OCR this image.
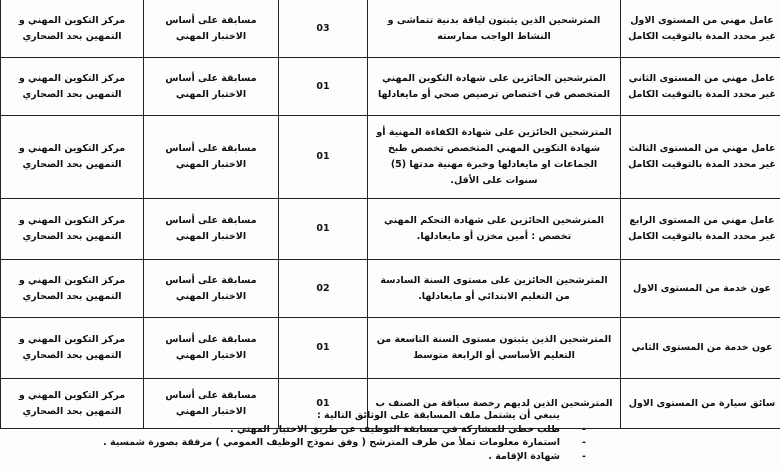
مركز التكوين المهني و التمهين بحد الصحاري	مسابقة على أساس الاختبار المهني	03	المترشحين الذين يثبتون لياقة بدنية تتماشى و النشاط الواجب ممارسته	عامل مهني من المستوى الاول غير محدد المدة بالتوقيت الكامل

مركز التكوين المهني و التمهين بحد الصحاري	مسابقة على أساس الاختبار المهني	01	المترشحين الحائزين على شهادة التكوين المهني المتخصص في اختصاص ترصيص صحي أو مايعادلها	عامل مهني من المستوى الثاني غير محدد المدة بالتوقيت الكامل

مركز التكوين المهني و التمهين بحد الصحاري	مسابقة على أساس الاختبار المهني	01	المترشحين الحائزين على شهادة الكفاءة المهنية أو شهادة التكوين المهني المتخصص تخصص طبخ الجماعات او مايعادلها وخبرة مهنية مدتها (5) سنوات على الأقل.	عامل مهني من المستوى الثالث غير محدد المدة بالتوقيت الكامل

مركز التكوين المهني و التمهين بحد الصحاري	مسابقة على أساس الاختبار المهني	01	المترشحين الحائزين على شهادة التحكم المهني تخصص : أمين مخزن أو مايعادلها.	عامل مهني من المستوى الرابع غير محدد المدة بالتوقيت الكامل

مركز التكوين المهني و التمهين بحد الصحاري	مسابقة على أساس الاختبار المهني	02	المترشحين الحائزين على مستوى السنة السادسة من التعليم الابتدائي أو مايعادلها.	عون خدمة من المستوى الاول

مركز التكوين المهني و التمهين بحد الصحاري	مسابقة على أساس الاختبار المهني	01	المترشحين الذين يثبتون مستوى السنة التاسعة من التعليم الأساسي أو الرابعة متوسط	عون خدمة من المستوى الثاني

مركز التكوين المهني و التمهين بحد الصحاري	مسابقة على أساس الاختبار المهني	01	المترشحين الذين لديهم رخصة سياقة من الصنف ب	سائق سيارة من المستوى الاول
ينبغي أن يشتمل ملف المسابقة على الوثائق التالية :
-
طلب خطي للمشاركة في مسابقة التوظيف عن طريق الاختبار المهني .
-
استمارة معلومات تملأ من طرف المترشح ( وفق نموذج الوظيف العمومي ) مرفقة بصورة شمسية .
-
شهادة الإقامة .
